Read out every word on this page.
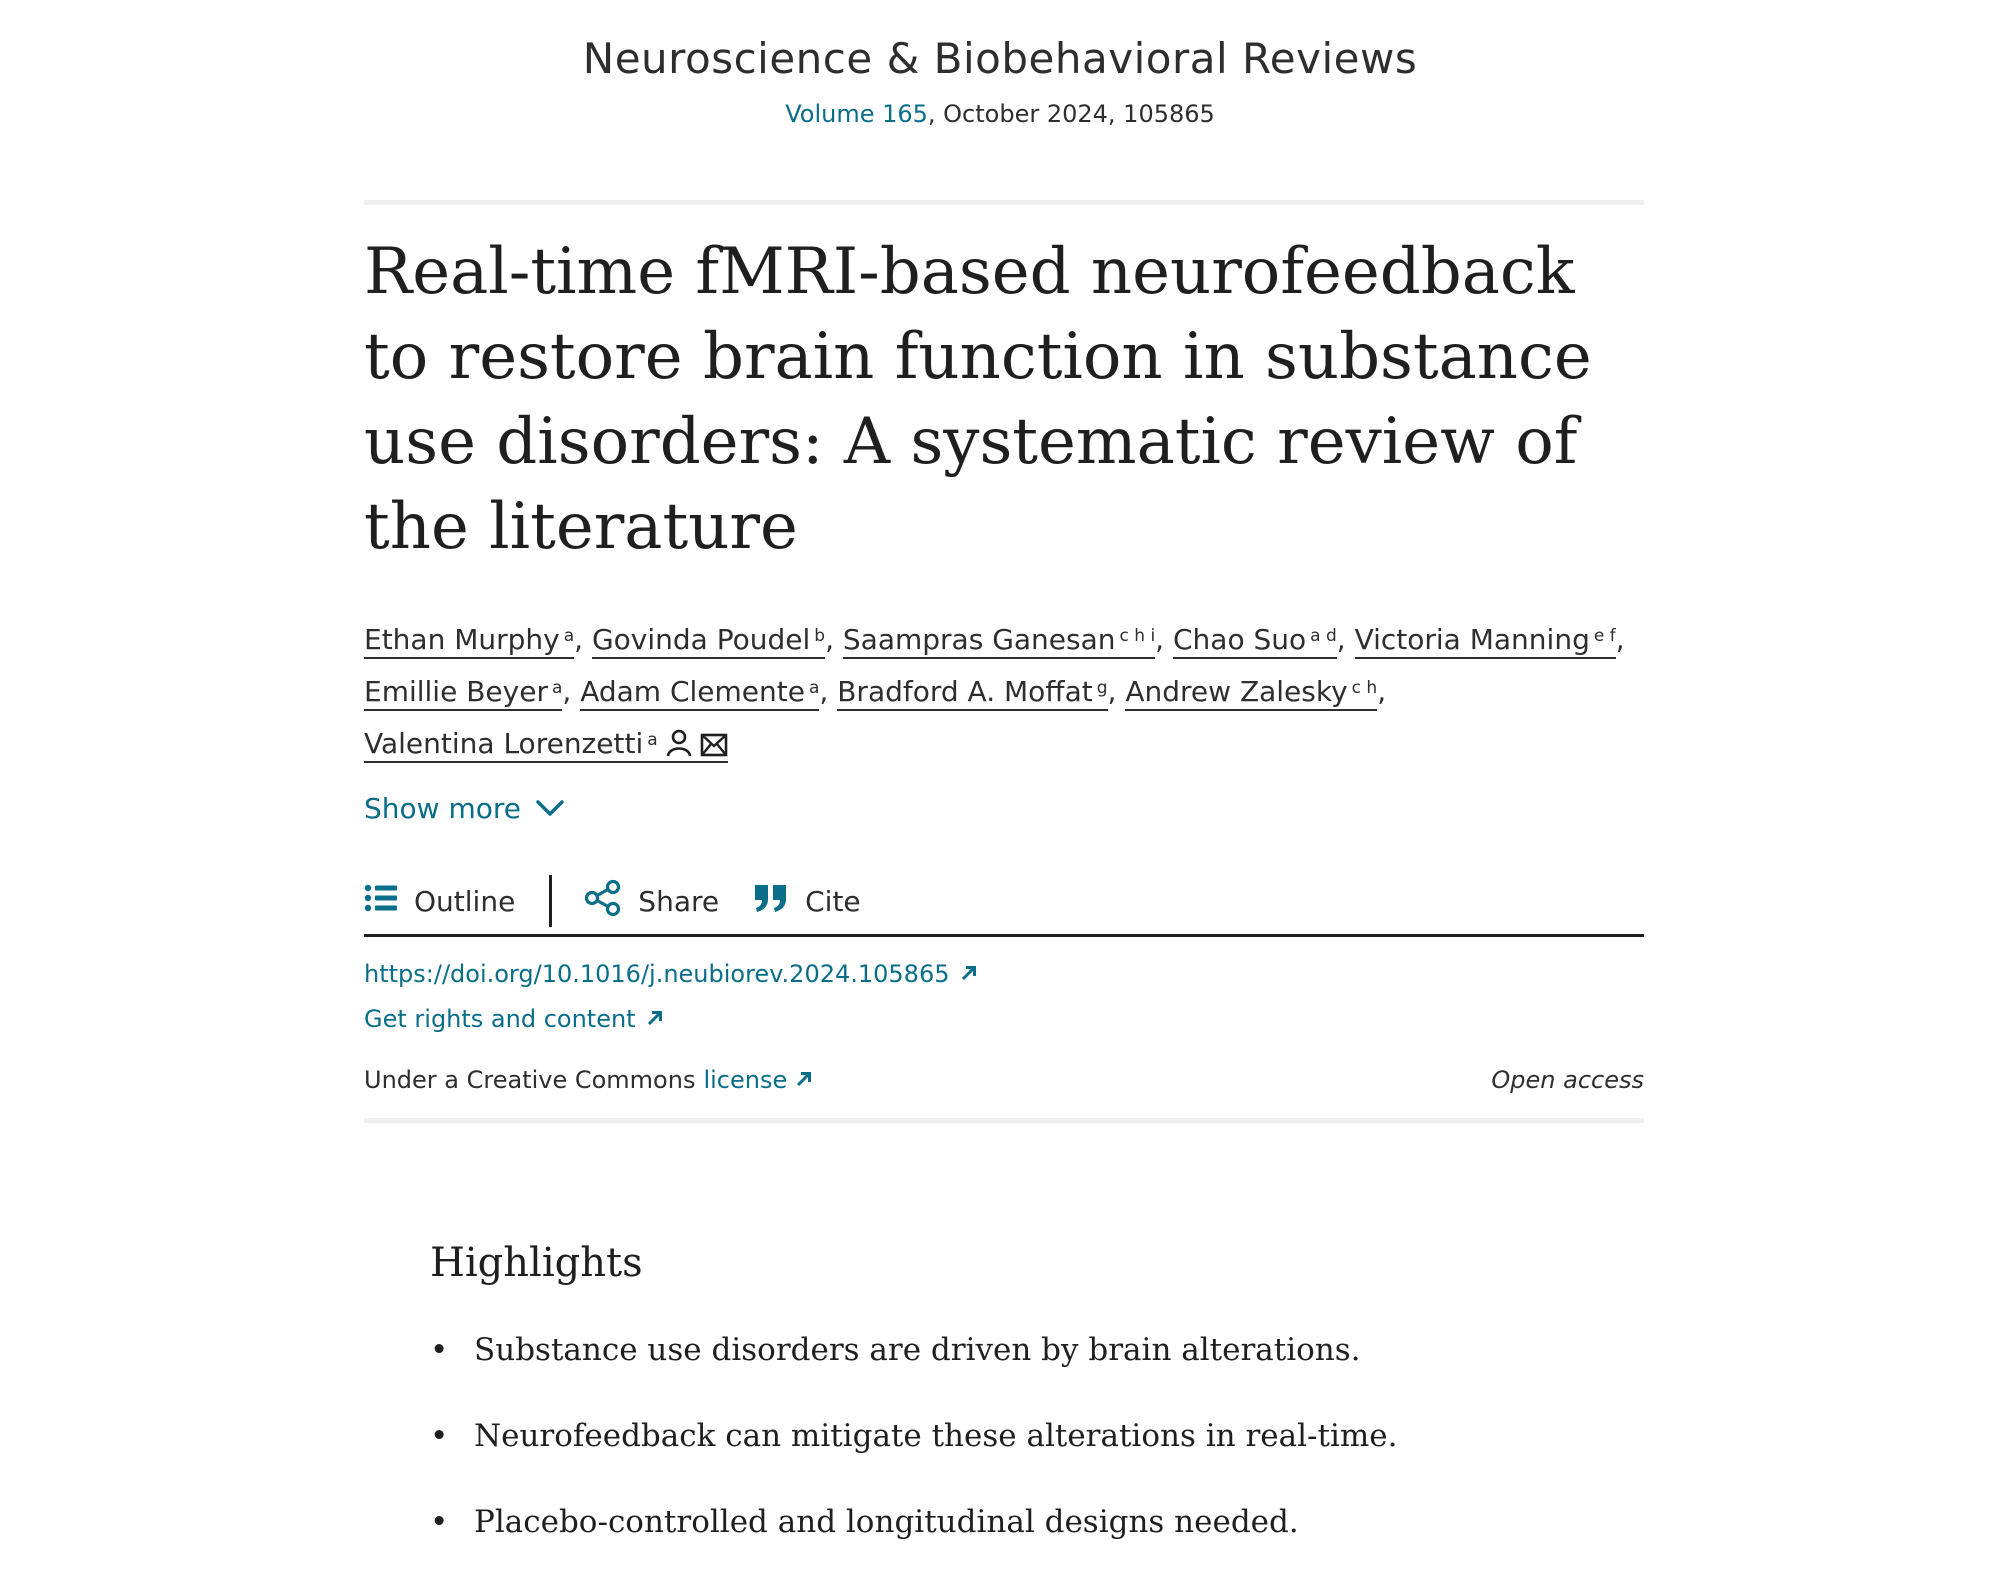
Neuroscience & Biobehavioral Reviews
Volume 165, October 2024, 105865
Real-time fMRI-based neurofeedback to restore brain function in substance use disorders: A systematic review of the literature
Ethan Murphy $^a$, Govinda Poudel $^b$, Saampras Ganesan $^{c h i}$, Chao Suo $^{a d}$, Victoria Manning $^{e f}$,
Emillie Beyer $^a$, Adam Clemente $^a$, Bradford A. Moffat $^g$, Andrew Zalesky $^{c h}$,
Valentina Lorenzetti $^a$
Show more
Outline	Share	Cite
https://doi.org/10.1016/j.neubiorev.2024.105865
Get rights and content
Under a Creative Commons license	Open access
Highlights
• Substance use disorders are driven by brain alterations.
• Neurofeedback can mitigate these alterations in real-time.
• Placebo-controlled and longitudinal designs needed.
